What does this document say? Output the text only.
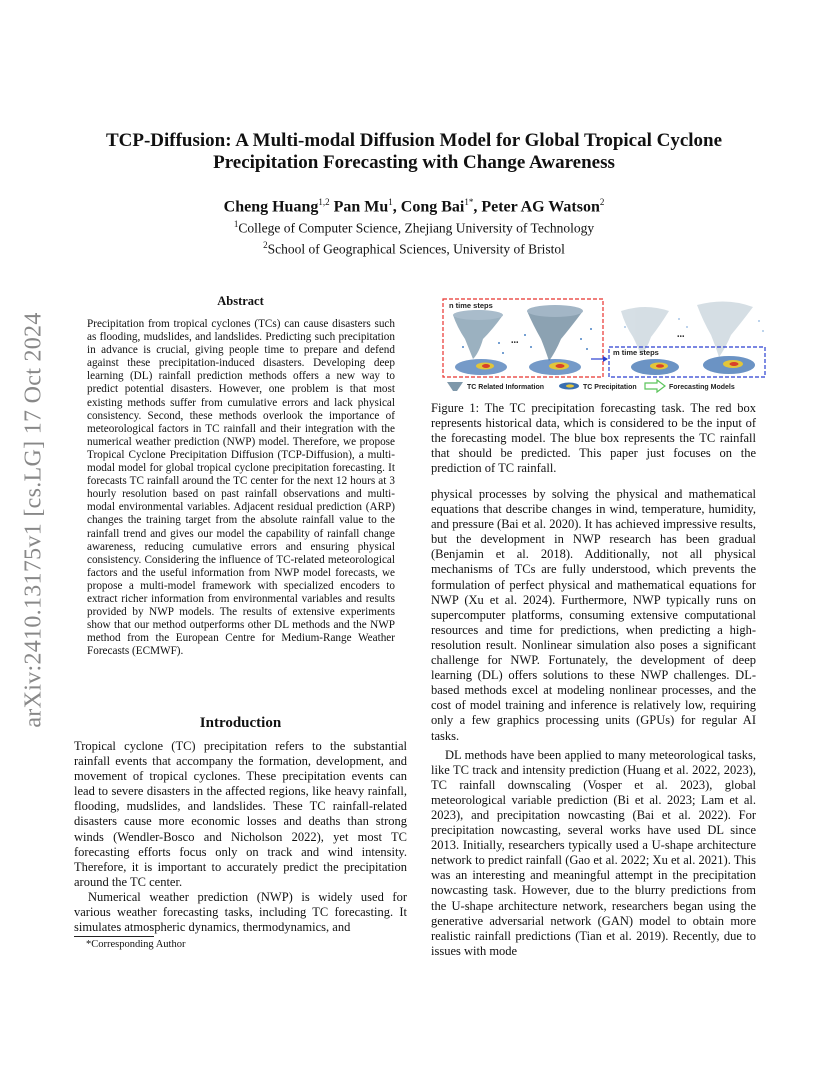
arXiv:2410.13175v1 [cs.LG] 17 Oct 2024
TCP-Diffusion: A Multi-modal Diffusion Model for Global Tropical Cyclone
Precipitation Forecasting with Change Awareness
Cheng Huang$^{1,2}$ Pan Mu$^1$, Cong Bai$^{1*}$, Peter AG Watson$^2$
$^1$College of Computer Science, Zhejiang University of Technology
$^2$School of Geographical Sciences, University of Bristol
Abstract
Precipitation from tropical cyclones (TCs) can cause disasters such as flooding, mudslides, and landslides. Predicting such precipitation in advance is crucial, giving people time to prepare and defend against these precipitation-induced disasters. Developing deep learning (DL) rainfall prediction methods offers a new way to predict potential disasters. However, one problem is that most existing methods suffer from cumulative errors and lack physical consistency. Second, these methods overlook the importance of meteorological factors in TC rainfall and their integration with the numerical weather prediction (NWP) model. Therefore, we propose Tropical Cyclone Precipitation Diffusion (TCP-Diffusion), a multi-modal model for global tropical cyclone precipitation forecasting. It forecasts TC rainfall around the TC center for the next 12 hours at 3 hourly resolution based on past rainfall observations and multi-modal environmental variables. Adjacent residual prediction (ARP) changes the training target from the absolute rainfall value to the rainfall trend and gives our model the capability of rainfall change awareness, reducing cumulative errors and ensuring physical consistency. Considering the influence of TC-related meteorological factors and the useful information from NWP model forecasts, we propose a multi-model framework with specialized encoders to extract richer information from environmental variables and results provided by NWP models. The results of extensive experiments show that our method outperforms other DL methods and the NWP method from the European Centre for Medium-Range Weather Forecasts (ECMWF).
Introduction

Tropical cyclone (TC) precipitation refers to the substantial rainfall events that accompany the formation, development, and movement of tropical cyclones. These precipitation events can lead to severe disasters in the affected regions, like heavy rainfall, flooding, mudslides, and landslides. These TC rainfall-related disasters cause more economic losses and deaths than strong winds (Wendler-Bosco and Nicholson 2022), yet most TC forecasting efforts focus only on track and wind intensity. Therefore, it is important to accurately predict the precipitation around the TC center.

Numerical weather prediction (NWP) is widely used for various weather forecasting tasks, including TC forecasting. It simulates atmospheric dynamics, thermodynamics, and

*Corresponding Author
n time steps
...
...
m time steps
TC Related Information	TC Precipitation	Forecasting Models
Figure 1: The TC precipitation forecasting task. The red box represents historical data, which is considered to be the input of the forecasting model. The blue box represents the TC rainfall that should be predicted. This paper just focuses on the prediction of TC rainfall.

physical processes by solving the physical and mathematical equations that describe changes in wind, temperature, humidity, and pressure (Bai et al. 2020). It has achieved impressive results, but the development in NWP research has been gradual (Benjamin et al. 2018). Additionally, not all physical mechanisms of TCs are fully understood, which prevents the formulation of perfect physical and mathematical equations for NWP (Xu et al. 2024). Furthermore, NWP typically runs on supercomputer platforms, consuming extensive computational resources and time for predictions, when predicting a high-resolution result. Nonlinear simulation also poses a significant challenge for NWP. Fortunately, the development of deep learning (DL) offers solutions to these NWP challenges. DL-based methods excel at modeling nonlinear processes, and the cost of model training and inference is relatively low, requiring only a few graphics processing units (GPUs) for regular AI tasks.

DL methods have been applied to many meteorological tasks, like TC track and intensity prediction (Huang et al. 2022, 2023), TC rainfall downscaling (Vosper et al. 2023), global meteorological variable prediction (Bi et al. 2023; Lam et al. 2023), and precipitation nowcasting (Bai et al. 2022). For precipitation nowcasting, several works have used DL since 2013. Initially, researchers typically used a U-shape architecture network to predict rainfall (Gao et al. 2022; Xu et al. 2021). This was an interesting and meaningful attempt in the precipitation nowcasting task. However, due to the blurry predictions from the U-shape architecture network, researchers began using the generative adversarial network (GAN) model to obtain more realistic rainfall predictions (Tian et al. 2019). Recently, due to issues with mode
